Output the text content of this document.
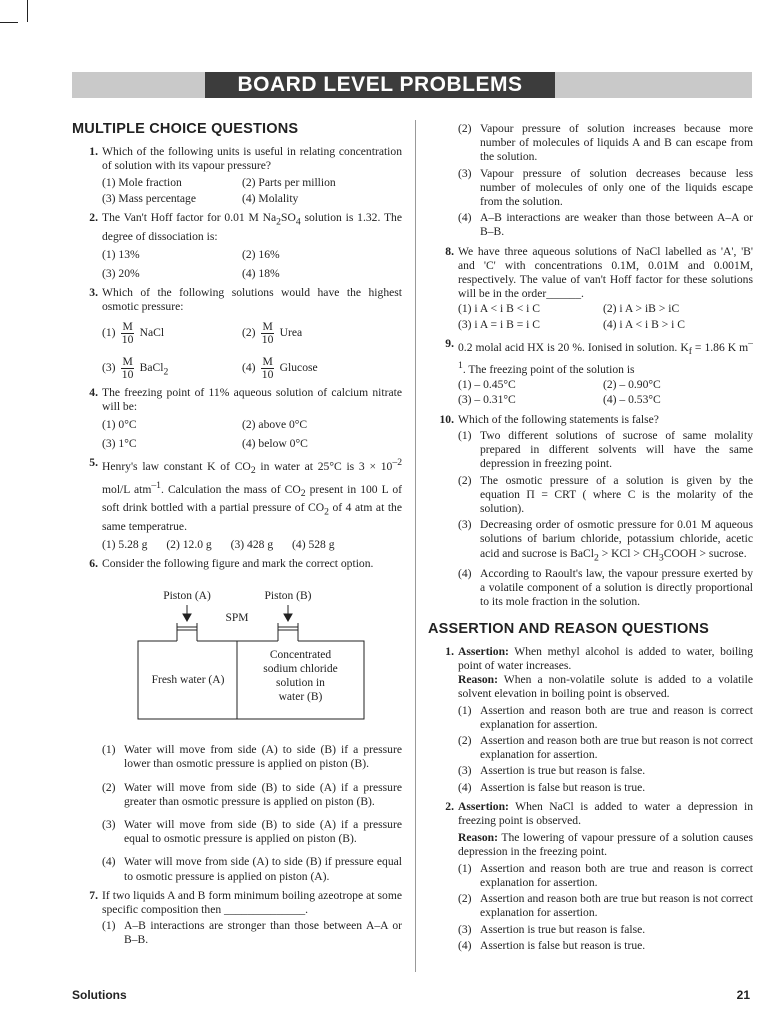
BOARD LEVEL PROBLEMS
MULTIPLE CHOICE QUESTIONS
1. Which of the following units is useful in relating concentration of solution with its vapour pressure?
(1) Mole fraction	(2) Parts per million
(3) Mass percentage	(4) Molality
2. The Van't Hoff factor for 0.01 M $Na_2SO_4$ solution is 1.32. The degree of dissociation is:
(1) 13%	(2) 16%
(3) 20%	(4) 18%
3. Which of the following solutions would have the highest osmotic pressure:
$(1) \frac{M}{10}$ NaCl	$(2) \frac{M}{10}$ Urea
$(3) \frac{M}{10}$ BaCl$_2$	$(4) \frac{M}{10}$ Glucose
4. The freezing point of 11% aqueous solution of calcium nitrate will be:
(1) 0°C	(2) above 0°C
(3) 1°C	(4) below 0°C
5. Henry's law constant K of $CO_2$ in water at 25°C is $3 \times 10^{-2}$ mol/L atm$^{-1}$. Calculation the mass of $CO_2$ present in 100 L of soft drink bottled with a partial pressure of $CO_2$ of 4 atm at the same temperatrue.
(1) 5.28 g (2) 12.0 g (3) 428 g (4) 528 g
6. Consider the following figure and mark the correct option.
Piston (A)	Piston (B)
SPM
Fresh water (A)
Concentrated
sodium chloride
solution in
water (B)
(1) Water will move from side (A) to side (B) if a pressure lower than osmotic pressure is applied on piston (B).
(2) Water will move from side (B) to side (A) if a pressure greater than osmotic pressure is applied on piston (B).
(3) Water will move from side (B) to side (A) if a pressure equal to osmotic pressure is applied on piston (B).
(4) Water will move from side (A) to side (B) if pressure equal to osmotic pressure is applied on piston (A).
7. If two liquids A and B form minimum boiling azeotrope at some specific composition then ______________.
(1) A–B interactions are stronger than those between A–A or B–B.
(2) Vapour pressure of solution increases because more number of molecules of liquids A and B can escape from the solution.
(3) Vapour pressure of solution decreases because less number of molecules of only one of the liquids escape from the solution.
(4) A–B interactions are weaker than those between A–A or B–B.
8. We have three aqueous solutions of NaCl labelled as 'A', 'B' and 'C' with concentrations 0.1M, 0.01M and 0.001M, respectively. The value of van't Hoff factor for these solutions will be in the order______.
(1) i A < i B < i C	(2) i A > iB > iC
(3) i A = i B = i C	(4) i A < i B > i C
9. 0.2 molal acid HX is 20 %. Ionised in solution. $K_f = 1.86$ K $m^{-1}$. The freezing point of the solution is
(1) – 0.45°C	(2) – 0.90°C
(3) – 0.31°C	(4) – 0.53°C
10. Which of the following statements is false?
(1) Two different solutions of sucrose of same molality prepared in different solvents will have the same depression in freezing point.
(2) The osmotic pressure of a solution is given by the equation Π = CRT ( where C is the molarity of the solution).
(3) Decreasing order of osmotic pressure for 0.01 M aqueous solutions of barium chloride, potassium chloride, acetic acid and sucrose is BaCl$_2$ > KCl > $CH_3COOH$ > sucrose.
(4) According to Raoult's law, the vapour pressure exerted by a volatile component of a solution is directly proportional to its mole fraction in the solution.
ASSERTION AND REASON QUESTIONS
1. Assertion: When methyl alcohol is added to water, boiling point of water increases.
Reason: When a non-volatile solute is added to a volatile solvent elevation in boiling point is observed.
(1) Assertion and reason both are true and reason is correct explanation for assertion.
(2) Assertion and reason both are true but reason is not correct explanation for assertion.
(3) Assertion is true but reason is false.
(4) Assertion is false but reason is true.
2. Assertion: When NaCl is added to water a depression in freezing point is observed.
Reason: The lowering of vapour pressure of a solution causes depression in the freezing point.
(1) Assertion and reason both are true and reason is correct explanation for assertion.
(2) Assertion and reason both are true but reason is not correct explanation for assertion.
(3) Assertion is true but reason is false.
(4) Assertion is false but reason is true.
Solutions	21
